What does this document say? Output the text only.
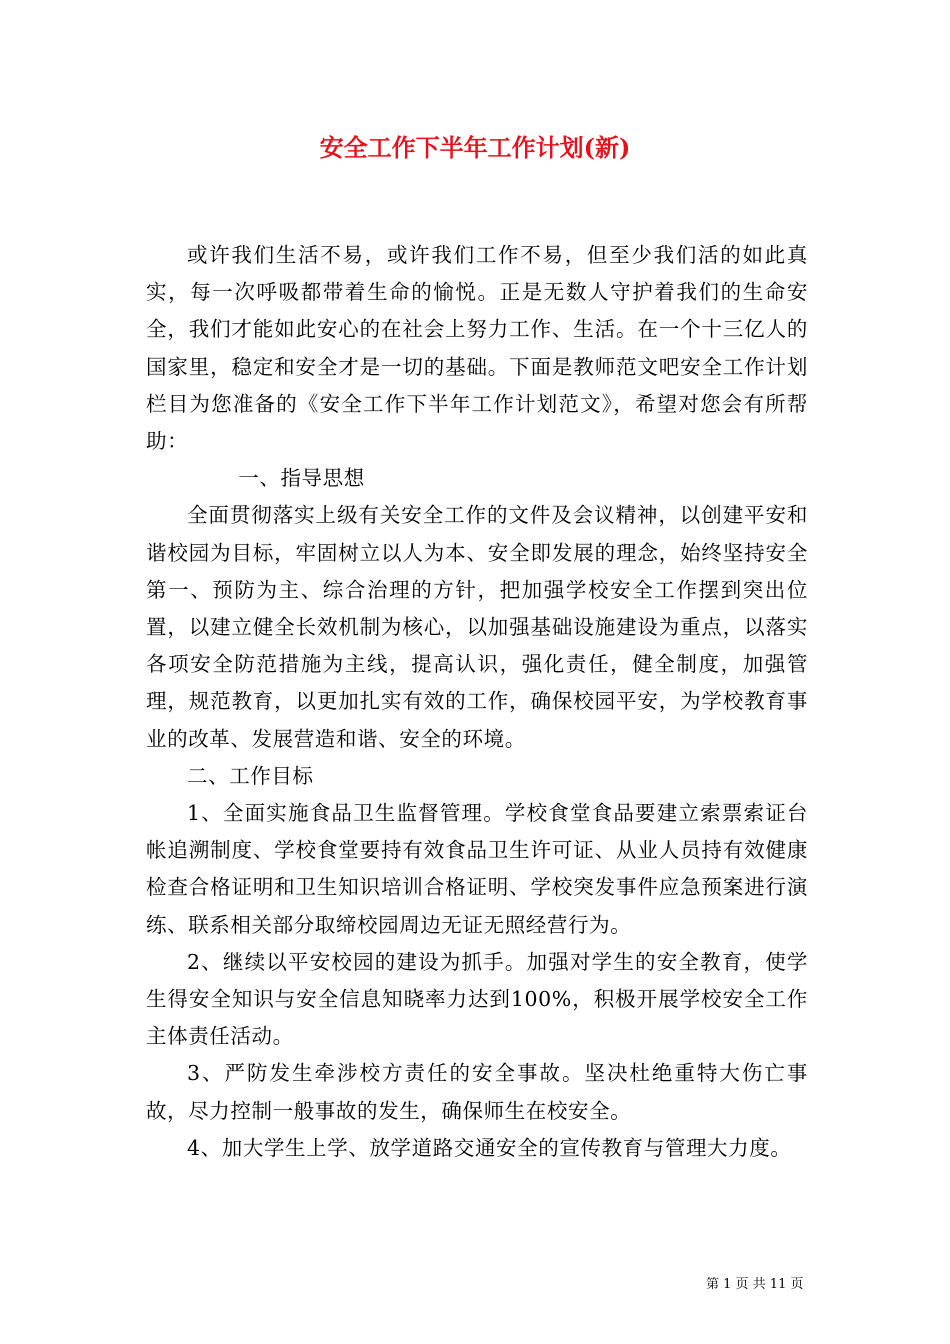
安全工作下半年工作计划(新)

或许我们生活不易，或许我们工作不易，但至少我们活的如此真实，每一次呼吸都带着生命的愉悦。正是无数人守护着我们的生命安全，我们才能如此安心的在社会上努力工作、生活。在一个十三亿人的国家里，稳定和安全才是一切的基础。下面是教师范文吧安全工作计划栏目为您准备的《安全工作下半年工作计划范文》，希望对您会有所帮助：

一、指导思想

全面贯彻落实上级有关安全工作的文件及会议精神，以创建平安和谐校园为目标，牢固树立以人为本、安全即发展的理念，始终坚持安全第一、预防为主、综合治理的方针，把加强学校安全工作摆到突出位置，以建立健全长效机制为核心，以加强基础设施建设为重点，以落实各项安全防范措施为主线，提高认识，强化责任，健全制度，加强管理，规范教育，以更加扎实有效的工作，确保校园平安，为学校教育事业的改革、发展营造和谐、安全的环境。

二、工作目标

1、全面实施食品卫生监督管理。学校食堂食品要建立索票索证台帐追溯制度、学校食堂要持有效食品卫生许可证、从业人员持有效健康检查合格证明和卫生知识培训合格证明、学校突发事件应急预案进行演练、联系相关部分取缔校园周边无证无照经营行为。

2、继续以平安校园的建设为抓手。加强对学生的安全教育，使学生得安全知识与安全信息知晓率力达到100%，积极开展学校安全工作主体责任活动。

3、严防发生牵涉校方责任的安全事故。坚决杜绝重特大伤亡事故，尽力控制一般事故的发生，确保师生在校安全。

4、加大学生上学、放学道路交通安全的宣传教育与管理大力度。

第 1 页 共 11 页
